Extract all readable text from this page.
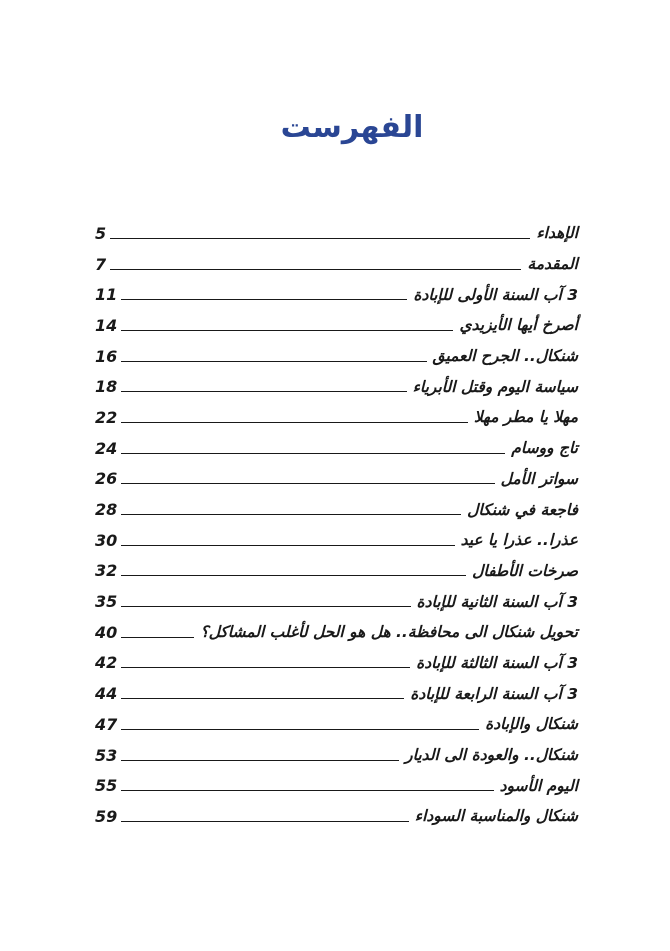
الفهرست
الإهداء
5
المقدمة
7
3 آب السنة الأولى للإبادة
11
أصرخ أيها الأيزيدي
14
شنكال.. الجرح العميق
16
سياسة اليوم وقتل الأبرياء
18
مهلا يا مطر مهلا
22
تاج ووسام
24
سواتر الأمل
26
فاجعة في شنكال
28
عذرا.. عذرا يا عيد
30
صرخات الأطفال
32
3 آب السنة الثانية للإبادة
35
تحويل شنكال الى محافظة.. هل هو الحل لأغلب المشاكل؟
40
3 آب السنة الثالثة للإبادة
42
3 آب السنة الرابعة للإبادة
44
شنكال والإبادة
47
شنكال.. والعودة الى الديار
53
اليوم الأسود
55
شنكال والمناسبة السوداء
59
